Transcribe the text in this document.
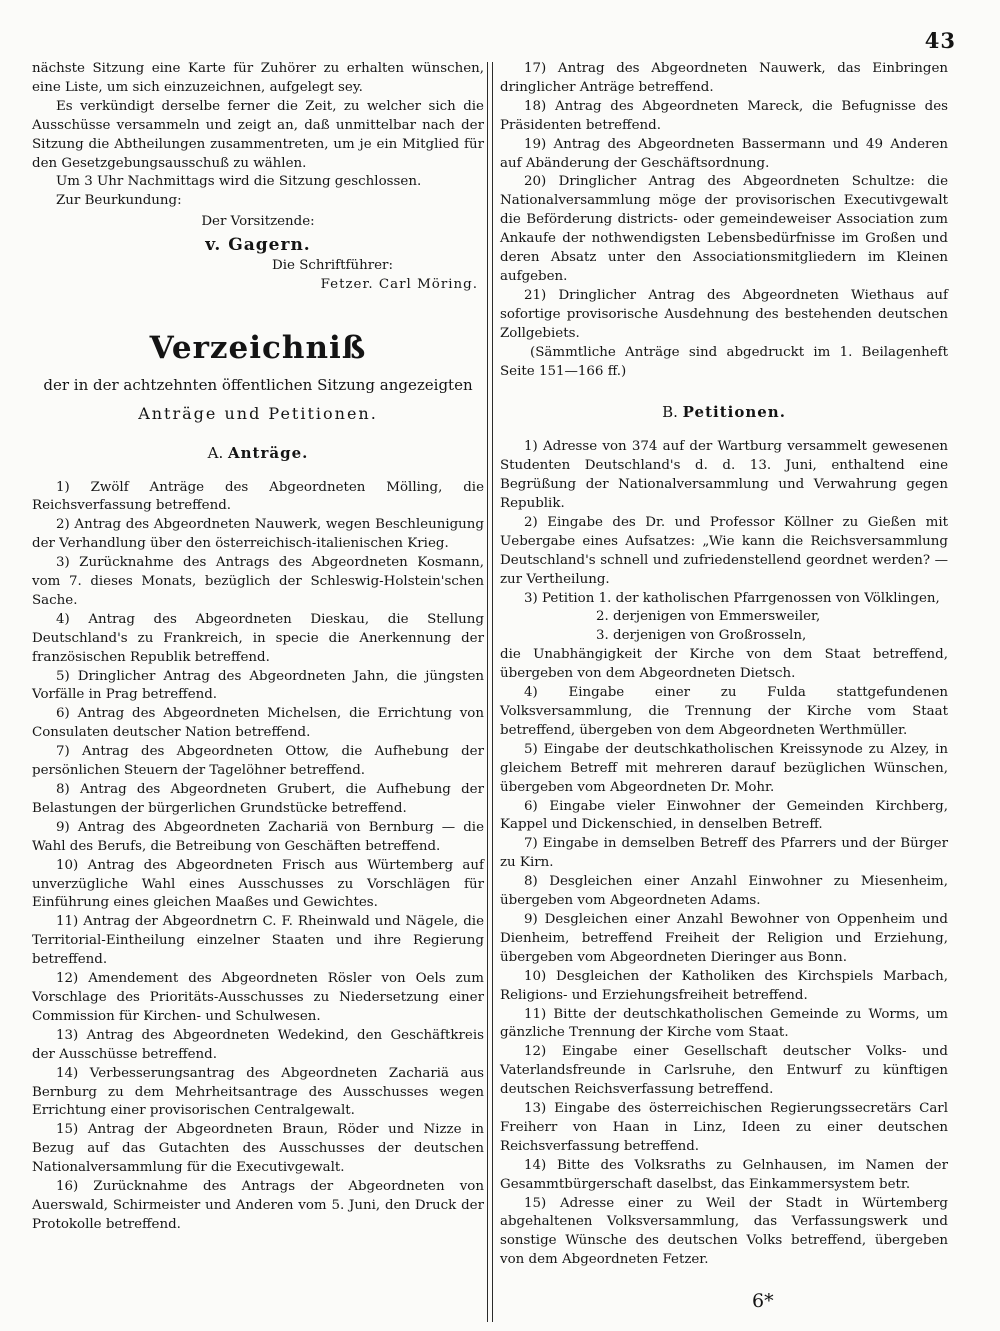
43

nächste Sitzung eine Karte für Zuhörer zu erhalten wünschen, eine Liste, um sich einzuzeichnen, aufgelegt sey.

Es verkündigt derselbe ferner die Zeit, zu welcher sich die Ausschüsse versammeln und zeigt an, daß unmittelbar nach der Sitzung die Abtheilungen zusammentreten, um je ein Mitglied für den Gesetzgebungsausschuß zu wählen.

Um 3 Uhr Nachmittags wird die Sitzung geschlossen.

Zur Beurkundung:

Der Vorsitzende:

v. Gagern.

Die Schriftführer:

Fetzer. Carl Möring.

Verzeichniß
der in der achtzehnten öffentlichen Sitzung angezeigten
Anträge und Petitionen.
A. Anträge.

1) Zwölf Anträge des Abgeordneten Mölling, die Reichsverfassung betreffend.

2) Antrag des Abgeordneten Nauwerk, wegen Beschleunigung der Verhandlung über den österreichisch-italienischen Krieg.

3) Zurücknahme des Antrags des Abgeordneten Kosmann, vom 7. dieses Monats, bezüglich der Schleswig-Holstein'schen Sache.

4) Antrag des Abgeordneten Dieskau, die Stellung Deutschland's zu Frankreich, in specie die Anerkennung der französischen Republik betreffend.

5) Dringlicher Antrag des Abgeordneten Jahn, die jüngsten Vorfälle in Prag betreffend.

6) Antrag des Abgeordneten Michelsen, die Errichtung von Consulaten deutscher Nation betreffend.

7) Antrag des Abgeordneten Ottow, die Aufhebung der persönlichen Steuern der Tagelöhner betreffend.

8) Antrag des Abgeordneten Grubert, die Aufhebung der Belastungen der bürgerlichen Grundstücke betreffend.

9) Antrag des Abgeordneten Zachariä von Bernburg — die Wahl des Berufs, die Betreibung von Geschäften betreffend.

10) Antrag des Abgeordneten Frisch aus Würtemberg auf unverzügliche Wahl eines Ausschusses zu Vorschlägen für Einführung eines gleichen Maaßes und Gewichtes.

11) Antrag der Abgeordnetrn C. F. Rheinwald und Nägele, die Territorial-Eintheilung einzelner Staaten und ihre Regierung betreffend.

12) Amendement des Abgeordneten Rösler von Oels zum Vorschlage des Prioritäts-Ausschusses zu Niedersetzung einer Commission für Kirchen- und Schulwesen.

13) Antrag des Abgeordneten Wedekind, den Geschäftkreis der Ausschüsse betreffend.

14) Verbesserungsantrag des Abgeordneten Zachariä aus Bernburg zu dem Mehrheitsantrage des Ausschusses wegen Errichtung einer provisorischen Centralgewalt.

15) Antrag der Abgeordneten Braun, Röder und Nizze in Bezug auf das Gutachten des Ausschusses der deutschen Nationalversammlung für die Executivgewalt.

16) Zurücknahme des Antrags der Abgeordneten von Auerswald, Schirmeister und Anderen vom 5. Juni, den Druck der Protokolle betreffend.

17) Antrag des Abgeordneten Nauwerk, das Einbringen dringlicher Anträge betreffend.

18) Antrag des Abgeordneten Mareck, die Befugnisse des Präsidenten betreffend.

19) Antrag des Abgeordneten Bassermann und 49 Anderen auf Abänderung der Geschäftsordnung.

20) Dringlicher Antrag des Abgeordneten Schultze: die Nationalversammlung möge der provisorischen Executivgewalt die Beförderung districts- oder gemeindeweiser Association zum Ankaufe der nothwendigsten Lebensbedürfnisse im Großen und deren Absatz unter den Associationsmitgliedern im Kleinen aufgeben.

21) Dringlicher Antrag des Abgeordneten Wiethaus auf sofortige provisorische Ausdehnung des bestehenden deutschen Zollgebiets.

(Sämmtliche Anträge sind abgedruckt im 1. Beilagenheft Seite 151—166 ff.)

B. Petitionen.

1) Adresse von 374 auf der Wartburg versammelt gewesenen Studenten Deutschland's d. d. 13. Juni, enthaltend eine Begrüßung der Nationalversammlung und Verwahrung gegen Republik.

2) Eingabe des Dr. und Professor Köllner zu Gießen mit Uebergabe eines Aufsatzes: „Wie kann die Reichsversammlung Deutschland's schnell und zufriedenstellend geordnet werden? — zur Vertheilung.

3) Petition 1. der katholischen Pfarrgenossen von Völklingen,

2. derjenigen von Emmersweiler,

3. derjenigen von Großrosseln,

die Unabhängigkeit der Kirche von dem Staat betreffend, übergeben von dem Abgeordneten Dietsch.

4) Eingabe einer zu Fulda stattgefundenen Volksversammlung, die Trennung der Kirche vom Staat betreffend, übergeben von dem Abgeordneten Werthmüller.

5) Eingabe der deutschkatholischen Kreissynode zu Alzey, in gleichem Betreff mit mehreren darauf bezüglichen Wünschen, übergeben vom Abgeordneten Dr. Mohr.

6) Eingabe vieler Einwohner der Gemeinden Kirchberg, Kappel und Dickenschied, in denselben Betreff.

7) Eingabe in demselben Betreff des Pfarrers und der Bürger zu Kirn.

8) Desgleichen einer Anzahl Einwohner zu Miesenheim, übergeben vom Abgeordneten Adams.

9) Desgleichen einer Anzahl Bewohner von Oppenheim und Dienheim, betreffend Freiheit der Religion und Erziehung, übergeben vom Abgeordneten Dieringer aus Bonn.

10) Desgleichen der Katholiken des Kirchspiels Marbach, Religions- und Erziehungsfreiheit betreffend.

11) Bitte der deutschkatholischen Gemeinde zu Worms, um gänzliche Trennung der Kirche vom Staat.

12) Eingabe einer Gesellschaft deutscher Volks- und Vaterlandsfreunde in Carlsruhe, den Entwurf zu künftigen deutschen Reichsverfassung betreffend.

13) Eingabe des österreichischen Regierungssecretärs Carl Freiherr von Haan in Linz, Ideen zu einer deutschen Reichsverfassung betreffend.

14) Bitte des Volksraths zu Gelnhausen, im Namen der Gesammtbürgerschaft daselbst, das Einkammersystem betr.

15) Adresse einer zu Weil der Stadt in Würtemberg abgehaltenen Volksversammlung, das Verfassungswerk und sonstige Wünsche des deutschen Volks betreffend, übergeben von dem Abgeordneten Fetzer.

6*
